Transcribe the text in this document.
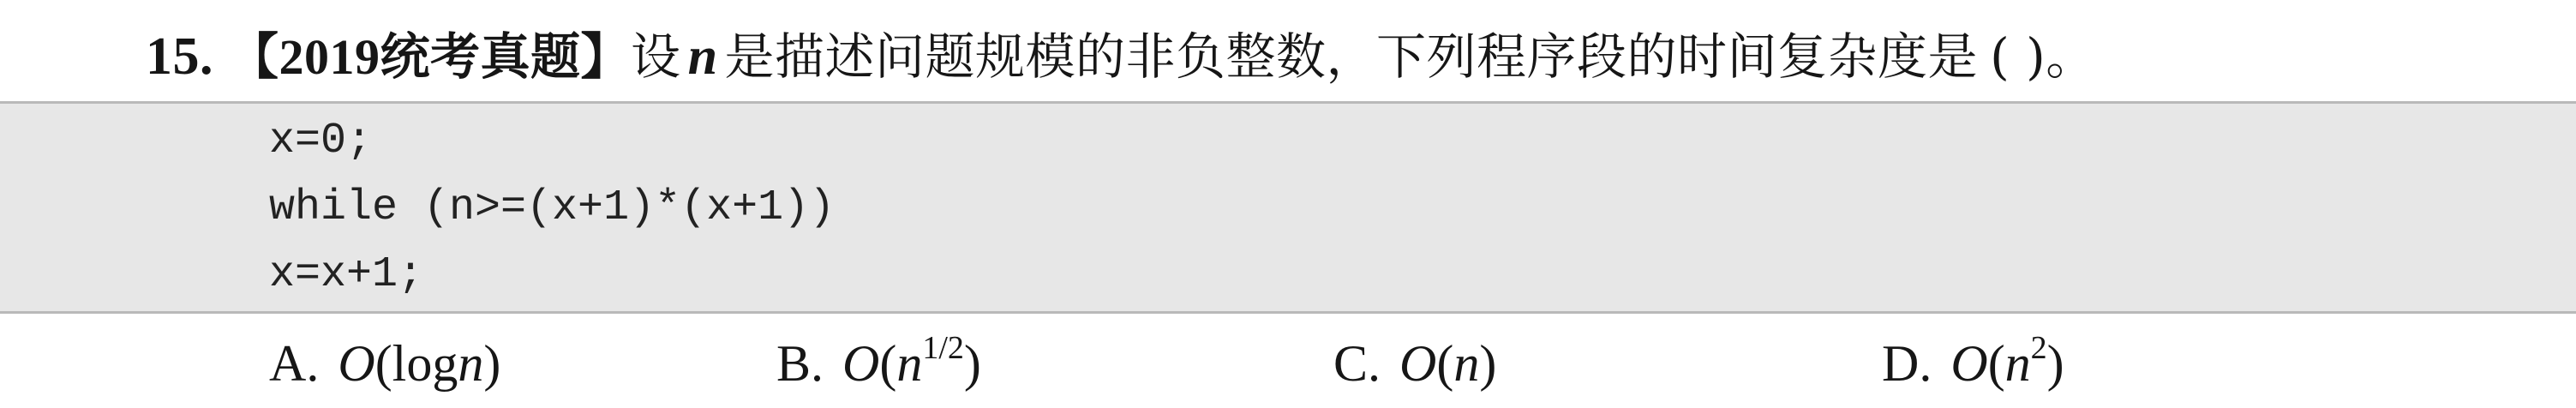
15. 【2019统考真题】设 n 是描述问题规模的非负整数，下列程序段的时间复杂度是 ( )。
x=0;
while (n>=(x+1)*(x+1))
x=x+1;
A. O(logn)	B. $O(n^{1/2})$	C. O(n)	D. $O(n^2)$
